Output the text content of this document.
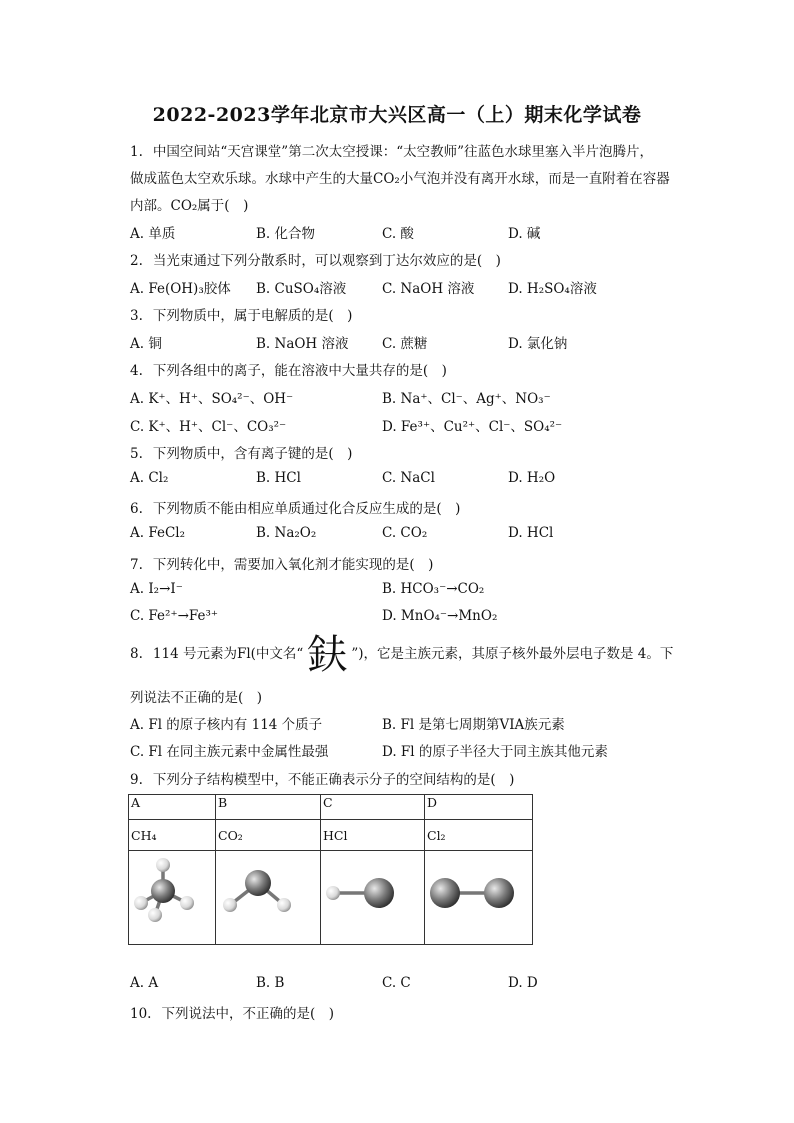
2022-2023学年北京市大兴区高一（上）期末化学试卷
1. 中国空间站“天宫课堂”第二次太空授课：“太空教师”往蓝色水球里塞入半片泡腾片，
做成蓝色太空欢乐球。水球中产生的大量CO₂小气泡并没有离开水球，而是一直附着在容器
内部。CO₂属于(　)
A. 单质	B. 化合物	C. 酸	D. 碱
2. 当光束通过下列分散系时，可以观察到丁达尔效应的是(　)
A. Fe(OH)₃胶体 B. CuSO₄溶液	C. NaOH 溶液 D. H₂SO₄溶液
3. 下列物质中，属于电解质的是(　)
A. 铜	B. NaOH 溶液 C. 蔗糖	D. 氯化钠
4. 下列各组中的离子，能在溶液中大量共存的是(　)
A. K⁺、H⁺、SO₄²⁻、OH⁻	B. Na⁺、Cl⁻、Ag⁺、NO₃⁻
C. K⁺、H⁺、Cl⁻、CO₃²⁻	D. Fe³⁺、Cu²⁺、Cl⁻、SO₄²⁻
5. 下列物质中，含有离子键的是(　)
A. Cl₂	B. HCl	C. NaCl	D. H₂O
6. 下列物质不能由相应单质通过化合反应生成的是(　)
A. FeCl₂	B. Na₂O₂	C. CO₂	D. HCl
7. 下列转化中，需要加入氧化剂才能实现的是(　)
A. I₂→I⁻	B. HCO₃⁻→CO₂
C. Fe²⁺→Fe³⁺	D. MnO₄⁻→MnO₂
8. 114 号元素为Fl(中文名“ 鈇 ”)，它是主族元素，其原子核外最外层电子数是 4。下
列说法不正确的是(　)
A. Fl 的原子核内有 114 个质子	B. Fl 是第七周期第VIA族元素
C. Fl 在同主族元素中金属性最强	D. Fl 的原子半径大于同主族其他元素
9. 下列分子结构模型中，不能正确表示分子的空间结构的是(　)
A	B	C	D
CH₄	CO₂	HCl	Cl₂

A. A	B. B	C. C	D. D
10. 下列说法中，不正确的是(　)
